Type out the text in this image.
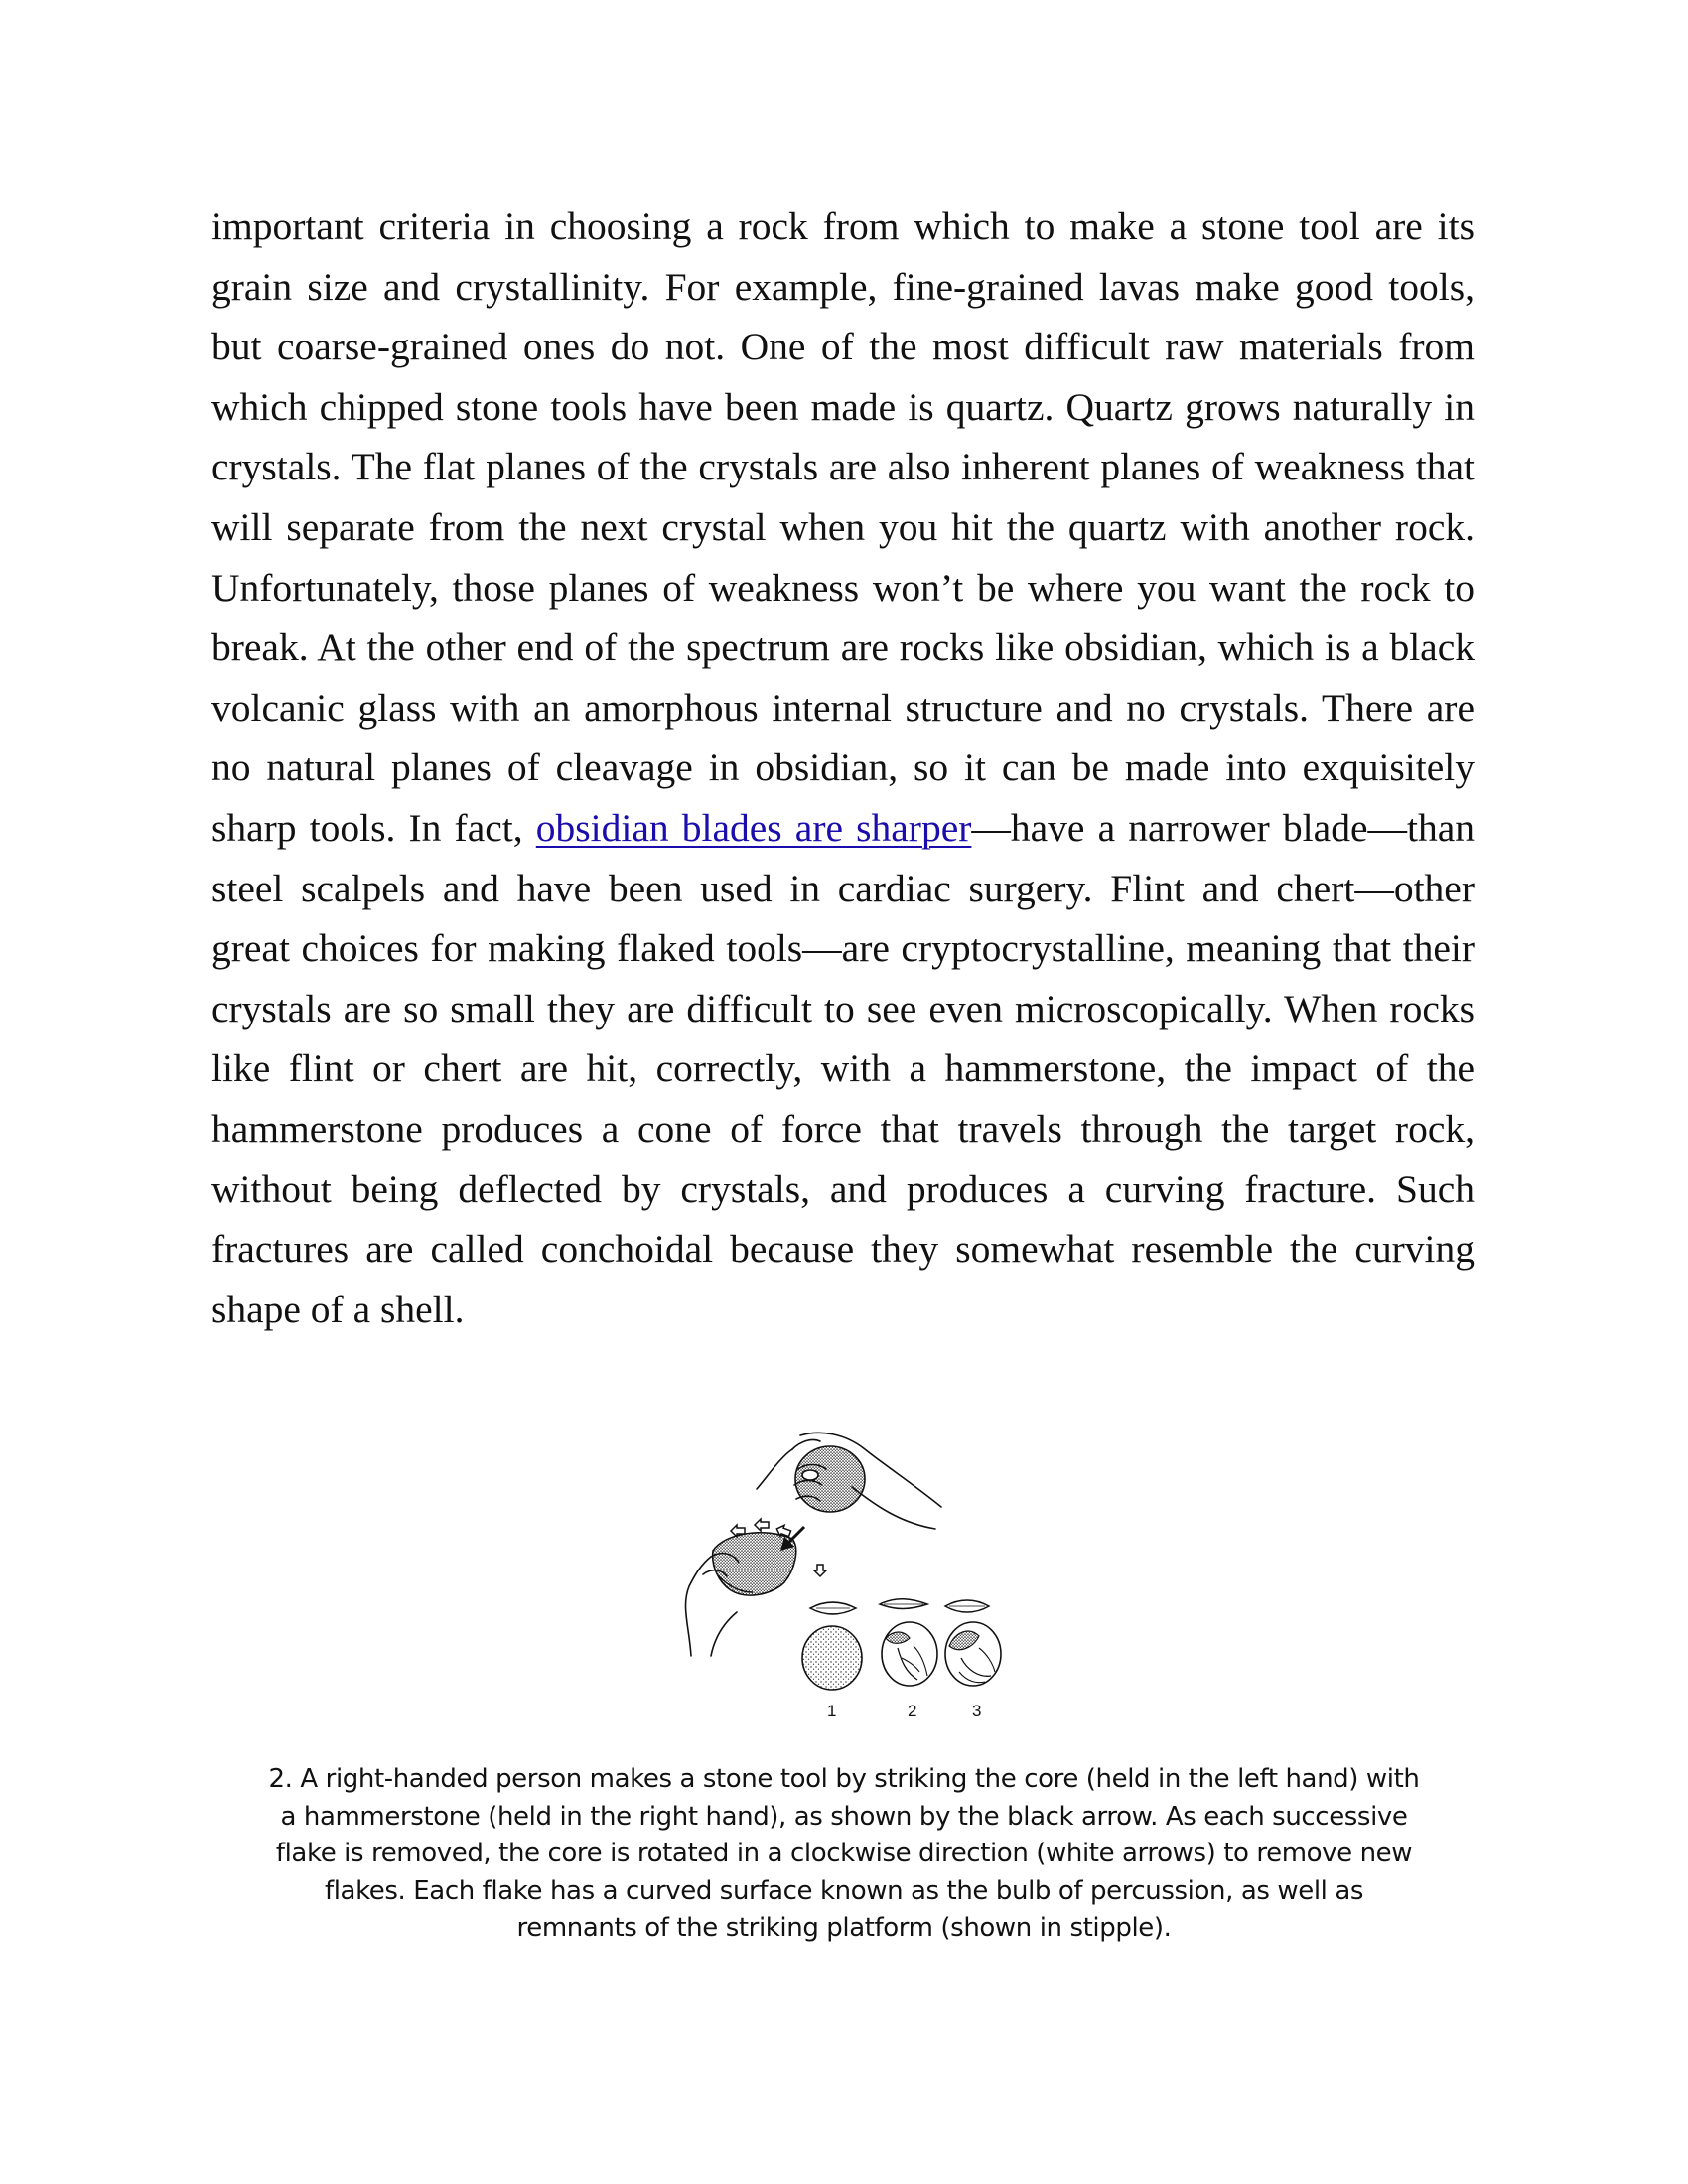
important criteria in choosing a rock from which to make a stone tool are its grain size and crystallinity. For example, fine-grained lavas make good tools, but coarse-grained ones do not. One of the most difficult raw materials from which chipped stone tools have been made is quartz. Quartz grows naturally in crystals. The flat planes of the crystals are also inherent planes of weakness that will separate from the next crystal when you hit the quartz with another rock. Unfortunately, those planes of weakness won’t be where you want the rock to break. At the other end of the spectrum are rocks like obsidian, which is a black volcanic glass with an amorphous internal structure and no crystals. There are no natural planes of cleavage in obsidian, so it can be made into exquisitely sharp tools. In fact, obsidian blades are sharper—have a narrower blade—than steel scalpels and have been used in cardiac surgery. Flint and chert—other great choices for making flaked tools—are cryptocrystalline, meaning that their crystals are so small they are difficult to see even microscopically. When rocks like flint or chert are hit, correctly, with a hammerstone, the impact of the hammerstone produces a cone of force that travels through the target rock, without being deflected by crystals, and produces a curving fracture. Such fractures are called conchoidal because they somewhat resemble the curving shape of a shell.

1	2	3

2. A right-handed person makes a stone tool by striking the core (held in the left hand) with a hammerstone (held in the right hand), as shown by the black arrow. As each successive flake is removed, the core is rotated in a clockwise direction (white arrows) to remove new flakes. Each flake has a curved surface known as the bulb of percussion, as well as remnants of the striking platform (shown in stipple).
